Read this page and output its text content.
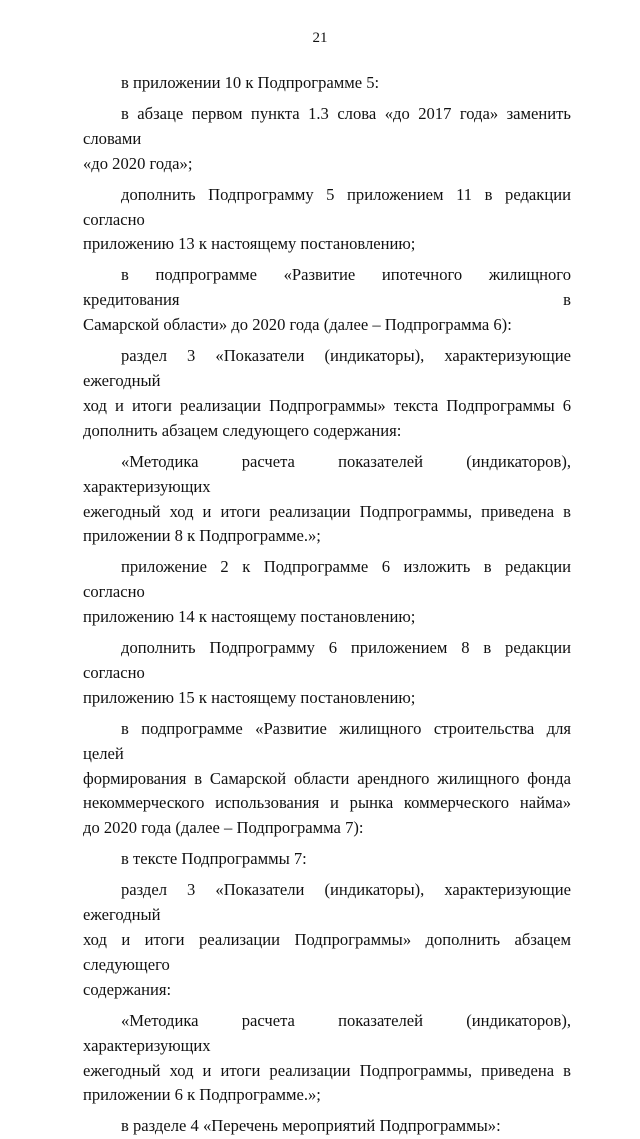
21
в приложении 10 к Подпрограмме 5:
в абзаце первом пункта 1.3 слова «до 2017 года» заменить словами
«до 2020 года»;
дополнить Подпрограмму 5 приложением 11 в редакции согласно
приложению 13 к настоящему постановлению;
в подпрограмме «Развитие ипотечного жилищного кредитования в
Самарской области» до 2020 года (далее – Подпрограмма 6):
раздел 3 «Показатели (индикаторы), характеризующие ежегодный
ход и итоги реализации Подпрограммы» текста Подпрограммы 6
дополнить абзацем следующего содержания:
«Методика расчета показателей (индикаторов), характеризующих
ежегодный ход и итоги реализации Подпрограммы, приведена в
приложении 8 к Подпрограмме.»;
приложение 2 к Подпрограмме 6 изложить в редакции согласно
приложению 14 к настоящему постановлению;
дополнить Подпрограмму 6 приложением 8 в редакции согласно
приложению 15 к настоящему постановлению;
в подпрограмме «Развитие жилищного строительства для целей
формирования в Самарской области арендного жилищного фонда
некоммерческого использования и рынка коммерческого найма»
до 2020 года (далее – Подпрограмма 7):
в тексте Подпрограммы 7:
раздел 3 «Показатели (индикаторы), характеризующие ежегодный
ход и итоги реализации Подпрограммы» дополнить абзацем следующего
содержания:
«Методика расчета показателей (индикаторов), характеризующих
ежегодный ход и итоги реализации Подпрограммы, приведена в
приложении 6 к Подпрограмме.»;
в разделе 4 «Перечень мероприятий Подпрограммы»:
